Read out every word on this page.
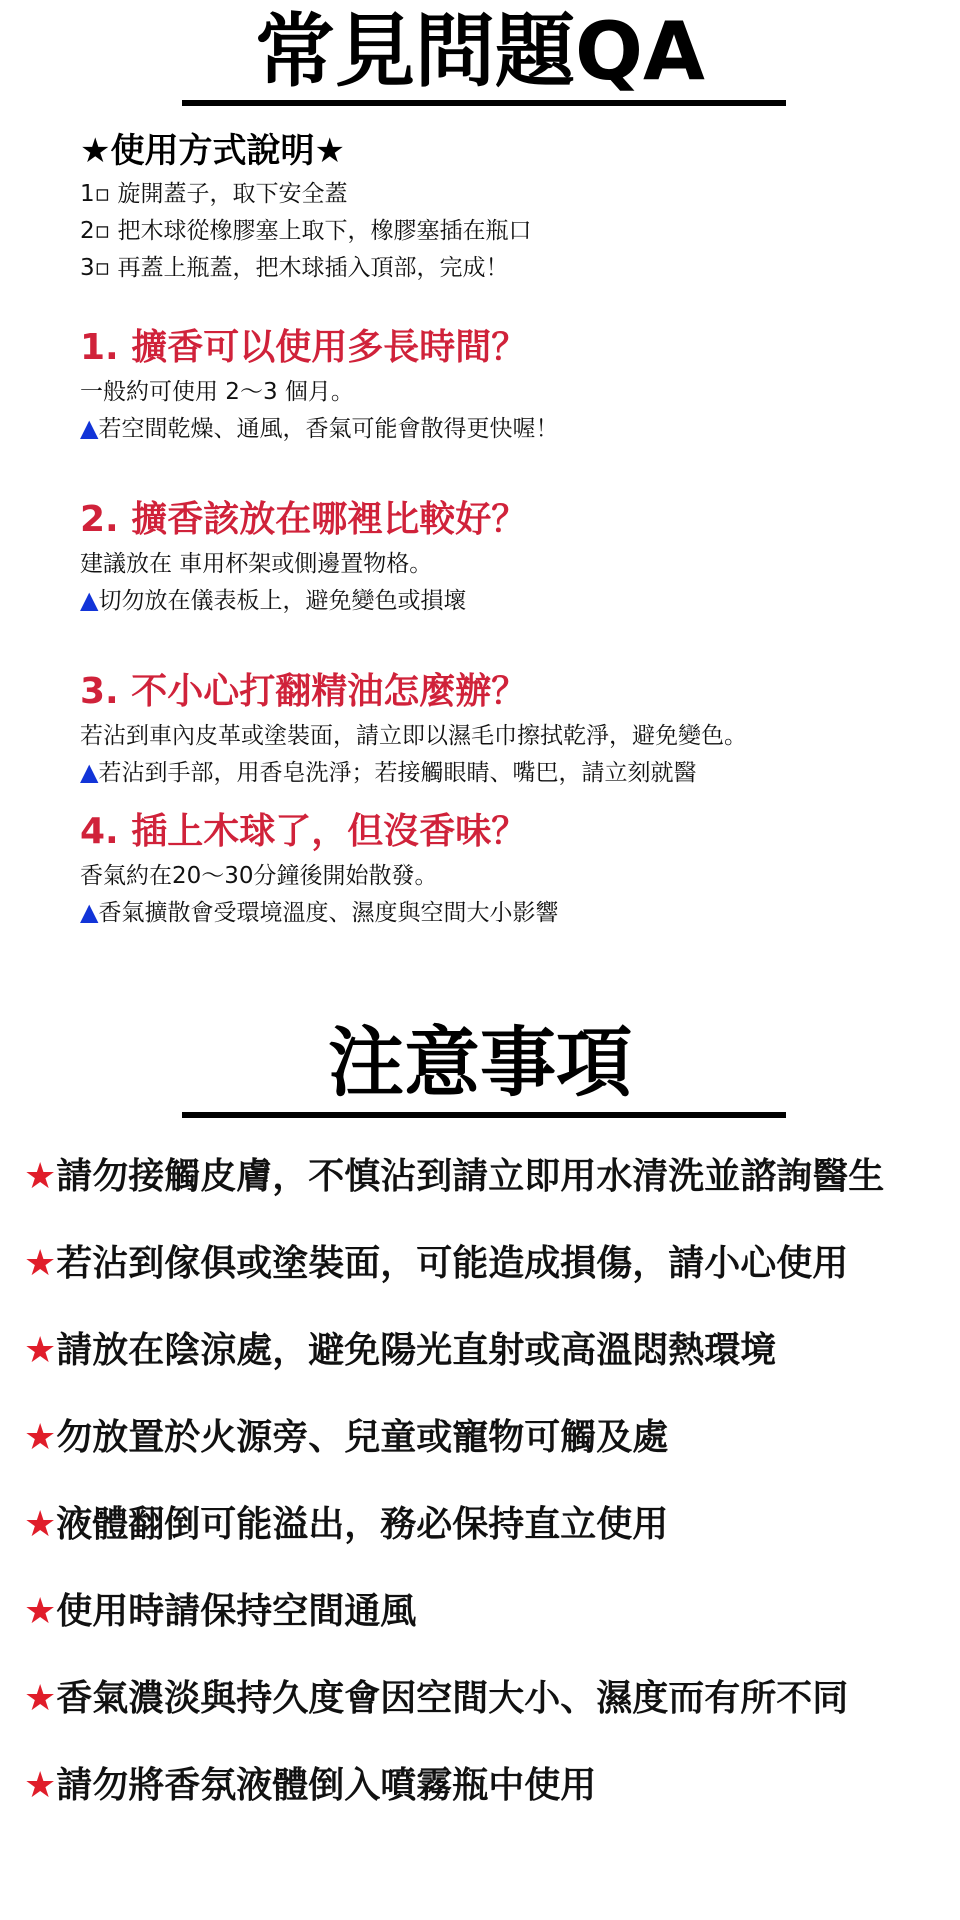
常見問題QA
★使用方式說明★
1▫ 旋開蓋子，取下安全蓋
2▫ 把木球從橡膠塞上取下，橡膠塞插在瓶口
3▫ 再蓋上瓶蓋，把木球插入頂部，完成！
1. 擴香可以使用多長時間？
一般約可使用 2～3 個月。
▲若空間乾燥、通風，香氣可能會散得更快喔！
2. 擴香該放在哪裡比較好？
建議放在 車用杯架或側邊置物格。
▲切勿放在儀表板上，避免變色或損壞
3. 不小心打翻精油怎麼辦？
若沾到車內皮革或塗裝面，請立即以濕毛巾擦拭乾淨，避免變色。
▲若沾到手部，用香皂洗淨；若接觸眼睛、嘴巴，請立刻就醫
4. 插上木球了，但沒香味？
香氣約在20～30分鐘後開始散發。
▲香氣擴散會受環境溫度、濕度與空間大小影響
注意事項
★請勿接觸皮膚，不慎沾到請立即用水清洗並諮詢醫生
★若沾到傢俱或塗裝面，可能造成損傷，請小心使用
★請放在陰涼處，避免陽光直射或高溫悶熱環境
★勿放置於火源旁、兒童或寵物可觸及處
★液體翻倒可能溢出，務必保持直立使用
★使用時請保持空間通風
★香氣濃淡與持久度會因空間大小、濕度而有所不同
★請勿將香氛液體倒入噴霧瓶中使用
